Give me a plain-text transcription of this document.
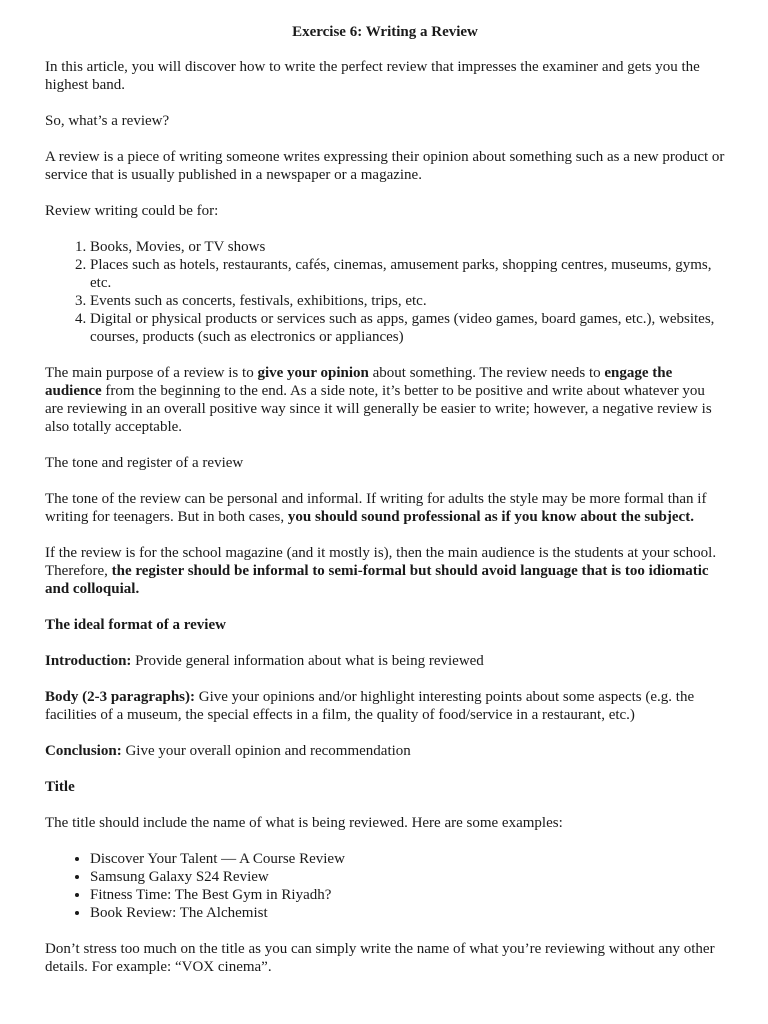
Exercise 6: Writing a Review

In this article, you will discover how to write the perfect review that impresses the examiner and gets you the highest band.

So, what’s a review?

A review is a piece of writing someone writes expressing their opinion about something such as a new product or service that is usually published in a newspaper or a magazine.

Review writing could be for:

1. Books, Movies, or TV shows
2. Places such as hotels, restaurants, cafés, cinemas, amusement parks, shopping centres, museums, gyms, etc.
3. Events such as concerts, festivals, exhibitions, trips, etc.
4. Digital or physical products or services such as apps, games (video games, board games, etc.), websites, courses, products (such as electronics or appliances)

The main purpose of a review is to give your opinion about something. The review needs to engage the audience from the beginning to the end. As a side note, it’s better to be positive and write about whatever you are reviewing in an overall positive way since it will generally be easier to write; however, a negative review is also totally acceptable.

The tone and register of a review

The tone of the review can be personal and informal. If writing for adults the style may be more formal than if writing for teenagers. But in both cases, you should sound professional as if you know about the subject.

If the review is for the school magazine (and it mostly is), then the main audience is the students at your school. Therefore, the register should be informal to semi-formal but should avoid language that is too idiomatic and colloquial.

The ideal format of a review

Introduction: Provide general information about what is being reviewed

Body (2-3 paragraphs): Give your opinions and/or highlight interesting points about some aspects (e.g. the facilities of a museum, the special effects in a film, the quality of food/service in a restaurant, etc.)

Conclusion: Give your overall opinion and recommendation

Title

The title should include the name of what is being reviewed. Here are some examples:

• Discover Your Talent — A Course Review
• Samsung Galaxy S24 Review
• Fitness Time: The Best Gym in Riyadh?
• Book Review: The Alchemist

Don’t stress too much on the title as you can simply write the name of what you’re reviewing without any other details. For example: “VOX cinema”.
